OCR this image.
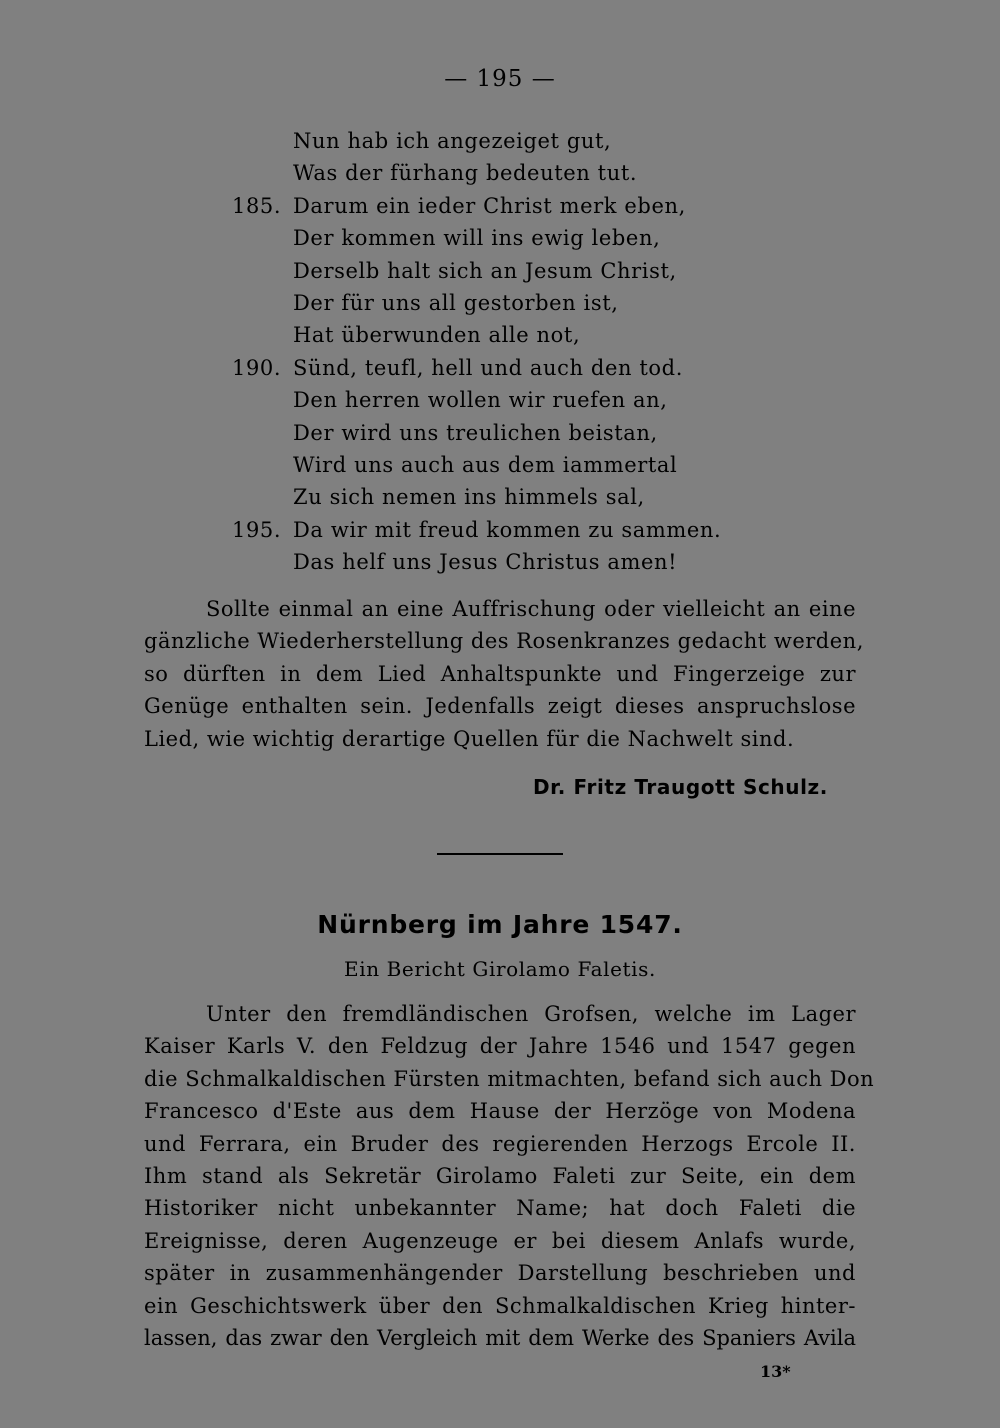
— 195 —
Nun hab ich angezeiget gut,
Was der fürhang bedeuten tut.
185. Darum ein ieder Christ merk eben,
Der kommen will ins ewig leben,
Derselb halt sich an Jesum Christ,
Der für uns all gestorben ist,
Hat überwunden alle not,
190. Sünd, teufl, hell und auch den tod.
Den herren wollen wir ruefen an,
Der wird uns treulichen beistan,
Wird uns auch aus dem iammertal
Zu sich nemen ins himmels sal,
195. Da wir mit freud kommen zu sammen.
Das helf uns Jesus Christus amen!
Sollte einmal an eine Auffrischung oder vielleicht an eine
gänzliche Wiederherstellung des Rosenkranzes gedacht werden,
so dürften in dem Lied Anhaltspunkte und Fingerzeige zur
Genüge enthalten sein. Jedenfalls zeigt dieses anspruchslose
Lied, wie wichtig derartige Quellen für die Nachwelt sind.
Dr. Fritz Traugott Schulz.
Nürnberg im Jahre 1547.
Ein Bericht Girolamo Faletis.
Unter den fremdländischen Grofsen, welche im Lager
Kaiser Karls V. den Feldzug der Jahre 1546 und 1547 gegen
die Schmalkaldischen Fürsten mitmachten, befand sich auch Don
Francesco d'Este aus dem Hause der Herzöge von Modena
und Ferrara, ein Bruder des regierenden Herzogs Ercole II.
Ihm stand als Sekretär Girolamo Faleti zur Seite, ein dem
Historiker nicht unbekannter Name; hat doch Faleti die
Ereignisse, deren Augenzeuge er bei diesem Anlafs wurde,
später in zusammenhängender Darstellung beschrieben und
ein Geschichtswerk über den Schmalkaldischen Krieg hinter-
lassen, das zwar den Vergleich mit dem Werke des Spaniers Avila
13*
